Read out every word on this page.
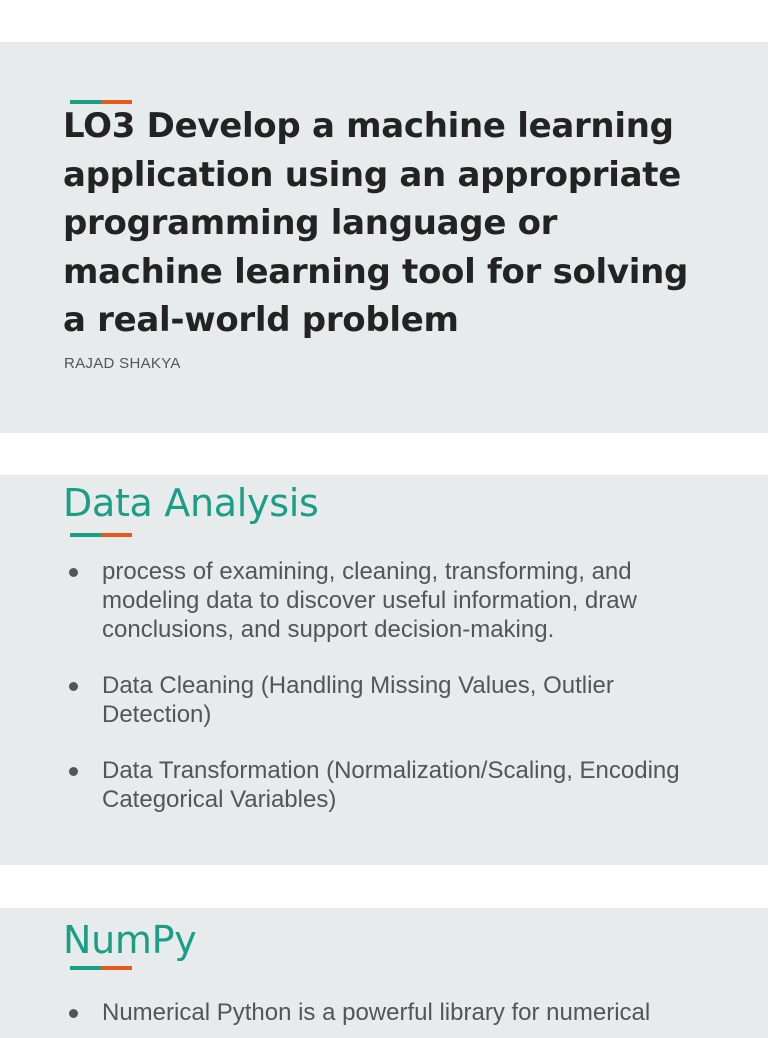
LO3 Develop a machine learning application using an appropriate programming language or machine learning tool for solving a real-world problem

RAJAD SHAKYA

Data Analysis
process of examining, cleaning, transforming, and modeling data to discover useful information, draw conclusions, and support decision-making.
Data Cleaning (Handling Missing Values, Outlier Detection)
Data Transformation (Normalization/Scaling, Encoding Categorical Variables)
NumPy
Numerical Python is a powerful library for numerical
